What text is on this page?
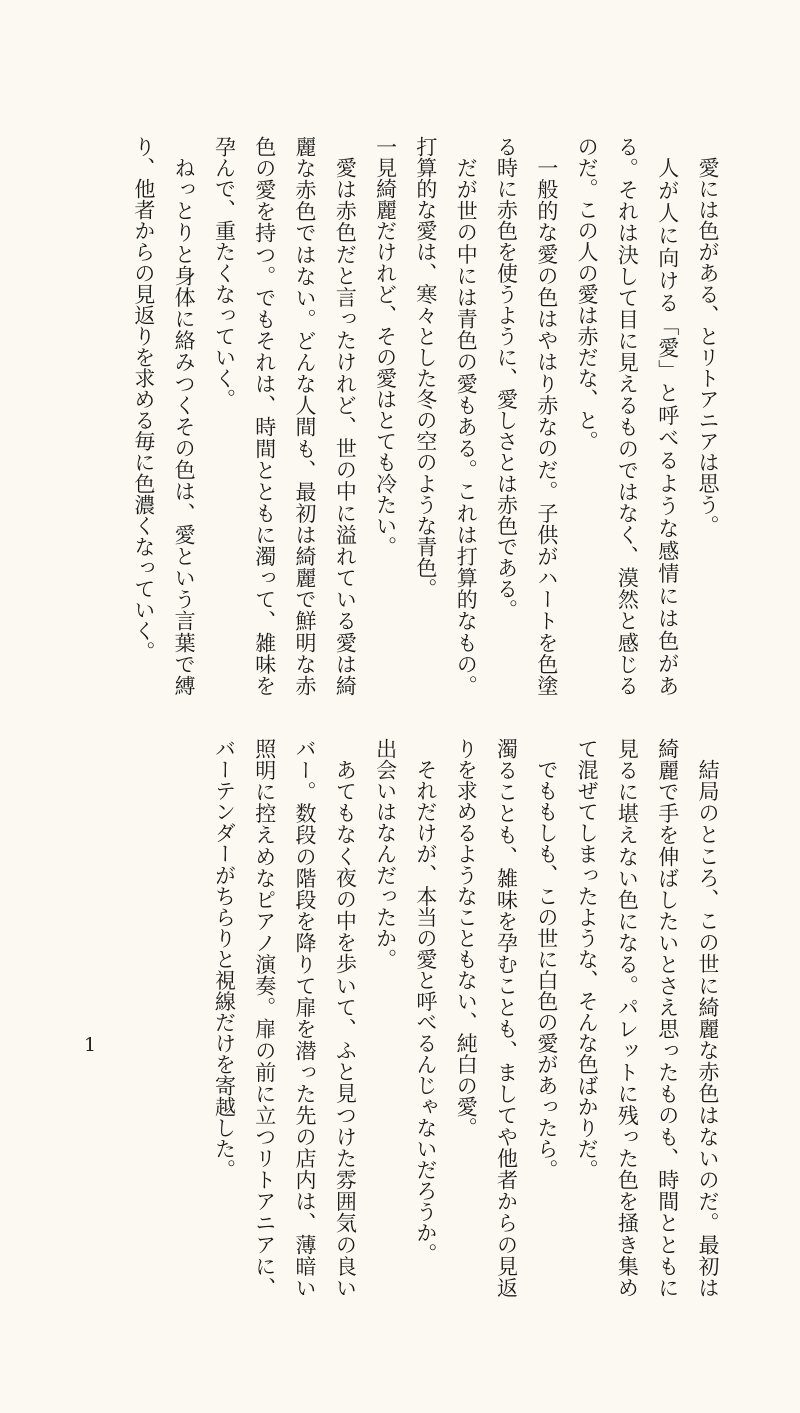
愛には色がある、とリトアニアは思う。

人が人に向ける「愛」と呼べるような感情には色がある。それは決して目に見えるものではなく、漠然と感じるのだ。この人の愛は赤だな、と。

一般的な愛の色はやはり赤なのだ。子供がハートを色塗る時に赤色を使うように、愛しさとは赤色である。

だが世の中には青色の愛もある。これは打算的なもの。打算的な愛は、寒々とした冬の空のような青色。

一見綺麗だけれど、その愛はとても冷たい。

愛は赤色だと言ったけれど、世の中に溢れている愛は綺麗な赤色ではない。どんな人間も、最初は綺麗で鮮明な赤色の愛を持つ。でもそれは、時間とともに濁って、雑味を孕んで、重たくなっていく。

ねっとりと身体に絡みつくその色は、愛という言葉で縛り、他者からの見返りを求める毎に色濃くなっていく。

結局のところ、この世に綺麗な赤色はないのだ。最初は綺麗で手を伸ばしたいとさえ思ったものも、時間とともに見るに堪えない色になる。パレットに残った色を掻き集めて混ぜてしまったような、そんな色ばかりだ。

でももしも、この世に白色の愛があったら。

濁ることも、雑味を孕むことも、ましてや他者からの見返りを求めるようなこともない、純白の愛。

それだけが、本当の愛と呼べるんじゃないだろうか。

出会いはなんだったか。

あてもなく夜の中を歩いて、ふと見つけた雰囲気の良いバー。数段の階段を降りて扉を潜った先の店内は、薄暗い照明に控えめなピアノ演奏。扉の前に立つリトアニアに、バーテンダーがちらりと視線だけを寄越した。

1
